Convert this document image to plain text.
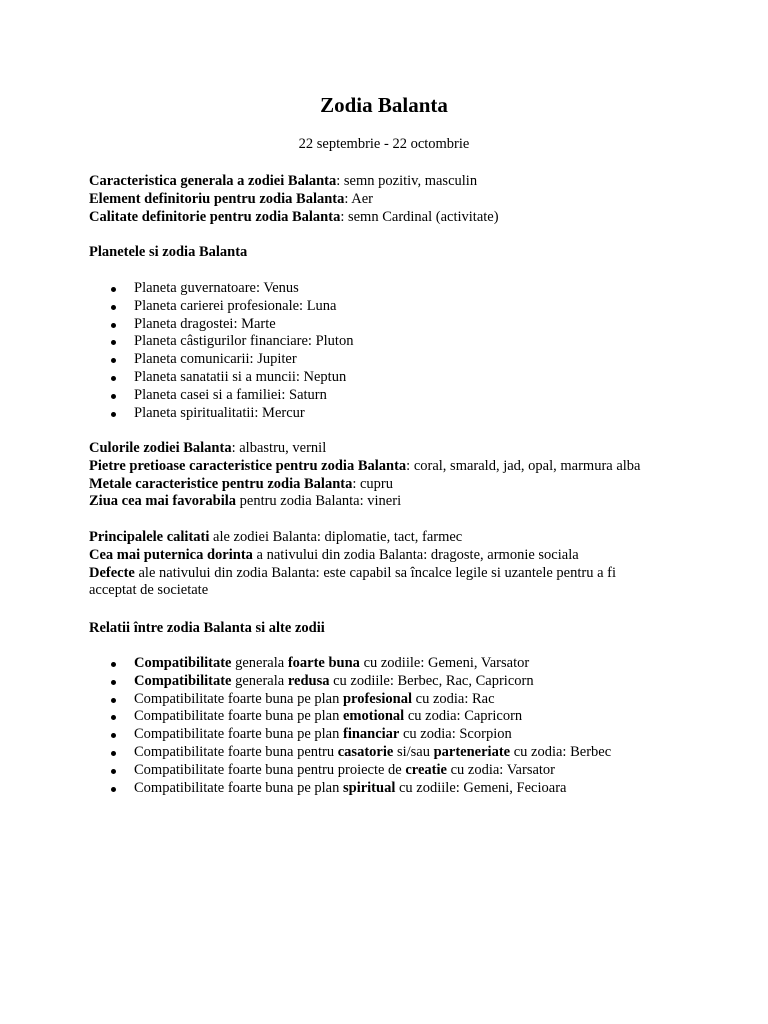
Zodia Balanta
22 septembrie - 22 octombrie
Caracteristica generala a zodiei Balanta: semn pozitiv, masculin
Element definitoriu pentru zodia Balanta: Aer
Calitate definitorie pentru zodia Balanta: semn Cardinal (activitate)
Planetele si zodia Balanta
Planeta guvernatoare: Venus
Planeta carierei profesionale: Luna
Planeta dragostei: Marte
Planeta câstigurilor financiare: Pluton
Planeta comunicarii: Jupiter
Planeta sanatatii si a muncii: Neptun
Planeta casei si a familiei: Saturn
Planeta spiritualitatii: Mercur
Culorile zodiei Balanta: albastru, vernil
Pietre pretioase caracteristice pentru zodia Balanta: coral, smarald, jad, opal, marmura alba
Metale caracteristice pentru zodia Balanta: cupru
Ziua cea mai favorabila pentru zodia Balanta: vineri
Principalele calitati ale zodiei Balanta: diplomatie, tact, farmec
Cea mai puternica dorinta a nativului din zodia Balanta: dragoste, armonie sociala
Defecte ale nativului din zodia Balanta: este capabil sa încalce legile si uzantele pentru a fi acceptat de societate
Relatii între zodia Balanta si alte zodii
Compatibilitate generala foarte buna cu zodiile: Gemeni, Varsator
Compatibilitate generala redusa cu zodiile: Berbec, Rac, Capricorn
Compatibilitate foarte buna pe plan profesional cu zodia: Rac
Compatibilitate foarte buna pe plan emotional cu zodia: Capricorn
Compatibilitate foarte buna pe plan financiar cu zodia: Scorpion
Compatibilitate foarte buna pentru casatorie si/sau parteneriate cu zodia: Berbec
Compatibilitate foarte buna pentru proiecte de creatie cu zodia: Varsator
Compatibilitate foarte buna pe plan spiritual cu zodiile: Gemeni, Fecioara
